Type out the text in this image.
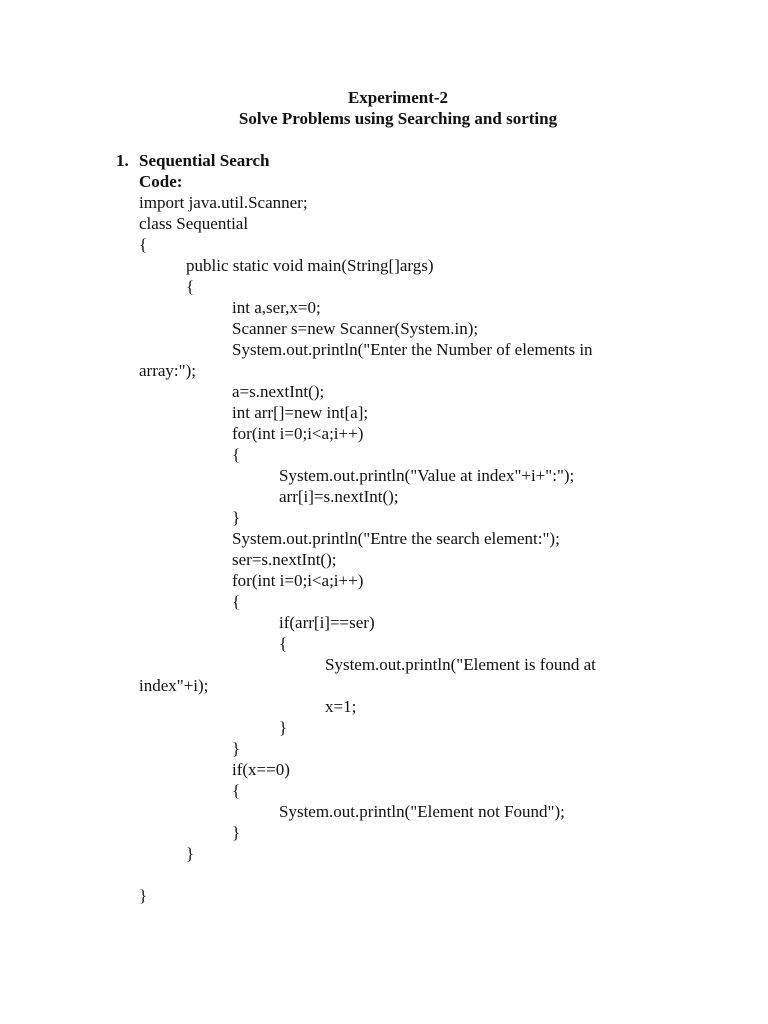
Experiment-2
Solve Problems using Searching and sorting
1. Sequential Search
Code:
import java.util.Scanner;
class Sequential
{
public static void main(String[]args)
{
int a,ser,x=0;
Scanner s=new Scanner(System.in);
System.out.println("Enter the Number of elements in
array:");
a=s.nextInt();
int arr[]=new int[a];
for(int i=0;i<a;i++)
{
System.out.println("Value at index"+i+":");
arr[i]=s.nextInt();
}
System.out.println("Entre the search element:");
ser=s.nextInt();
for(int i=0;i<a;i++)
{
if(arr[i]==ser)
{
System.out.println("Element is found at
index"+i);
x=1;
}
}
if(x==0)
{
System.out.println("Element not Found");
}
}
}
